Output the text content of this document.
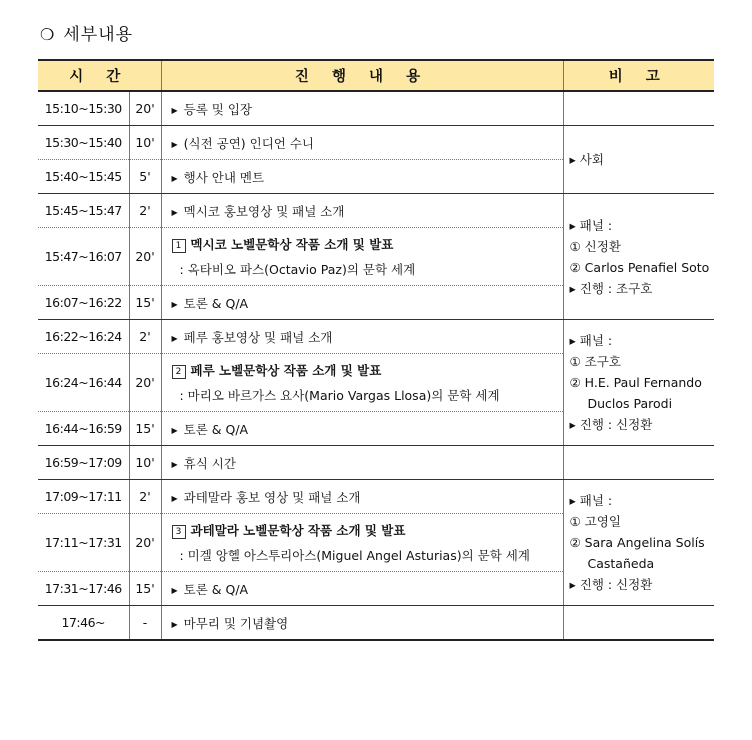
❍ 세부내용
시 간		진 행 내 용	비 고
15:10~15:30	20'	▶ 등록 및 입장	
15:30~15:40	10'	▶ (식전 공연) 인디언 수니	▸ 사회
15:40~15:45	5'	▶ 행사 안내 멘트	
15:45~15:47	2'	▶ 멕시코 홍보영상 및 패널 소개	▸ 패널 :
① 신정환
② Carlos Penafiel Soto
▸ 진행 : 조구호

15:47~16:07	20'	1 멕시코 노벨문학상 작품 소개 및 발표
: 옥타비오 파스(Octavio Paz)의 문학 세계	

16:07~16:22	15'	▶ 토론 & Q/A	
16:22~16:24	2'	▶ 페루 홍보영상 및 패널 소개	▸ 패널 :
① 조구호
② H.E. Paul Fernando
Duclos Parodi
▸ 진행 : 신정환

16:24~16:44	20'	2 페루 노벨문학상 작품 소개 및 발표
: 마리오 바르가스 요사(Mario Vargas Llosa)의 문학 세계	

16:44~16:59	15'	▶ 토론 & Q/A	
16:59~17:09	10'	▶ 휴식 시간	
17:09~17:11	2'	▶ 과테말라 홍보 영상 및 패널 소개	▸ 패널 :
① 고영일
② Sara Angelina Solís
Castañeda
▸ 진행 : 신정환

17:11~17:31	20'	3 과테말라 노벨문학상 작품 소개 및 발표
: 미겔 앙헬 아스투리아스(Miguel Angel Asturias)의 문학 세계	

17:31~17:46	15'	▶ 토론 & Q/A	
17:46~	-	▶ 마무리 및 기념촬영	
